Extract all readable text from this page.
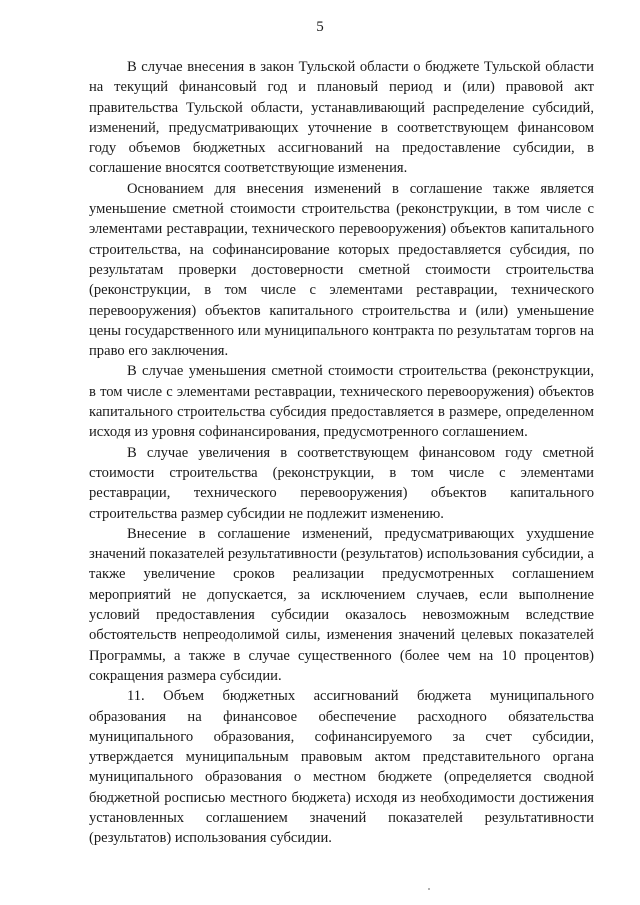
5

В случае внесения в закон Тульской области о бюджете Тульской области на текущий финансовый год и плановый период и (или) правовой акт правительства Тульской области, устанавливающий распределение субсидий, изменений, предусматривающих уточнение в соответствующем финансовом году объемов бюджетных ассигнований на предоставление субсидии, в соглашение вносятся соответствующие изменения.

Основанием для внесения изменений в соглашение также является уменьшение сметной стоимости строительства (реконструкции, в том числе с элементами реставрации, технического перевооружения) объектов капитального строительства, на софинансирование которых предоставляется субсидия, по результатам проверки достоверности сметной стоимости строительства (реконструкции, в том числе с элементами реставрации, технического перевооружения) объектов капитального строительства и (или) уменьшение цены государственного или муниципального контракта по результатам торгов на право его заключения.

В случае уменьшения сметной стоимости строительства (реконструкции, в том числе с элементами реставрации, технического перевооружения) объектов капитального строительства субсидия предоставляется в размере, определенном исходя из уровня софинансирования, предусмотренного соглашением.

В случае увеличения в соответствующем финансовом году сметной стоимости строительства (реконструкции, в том числе с элементами реставрации, технического перевооружения) объектов капитального строительства размер субсидии не подлежит изменению.

Внесение в соглашение изменений, предусматривающих ухудшение значений показателей результативности (результатов) использования субсидии, а также увеличение сроков реализации предусмотренных соглашением мероприятий не допускается, за исключением случаев, если выполнение условий предоставления субсидии оказалось невозможным вследствие обстоятельств непреодолимой силы, изменения значений целевых показателей Программы, а также в случае существенного (более чем на 10 процентов) сокращения размера субсидии.

11. Объем бюджетных ассигнований бюджета муниципального образования на финансовое обеспечение расходного обязательства муниципального образования, софинансируемого за счет субсидии, утверждается муниципальным правовым актом представительного органа муниципального образования о местном бюджете (определяется сводной бюджетной росписью местного бюджета) исходя из необходимости достижения установленных соглашением значений показателей результативности (результатов) использования субсидии.
